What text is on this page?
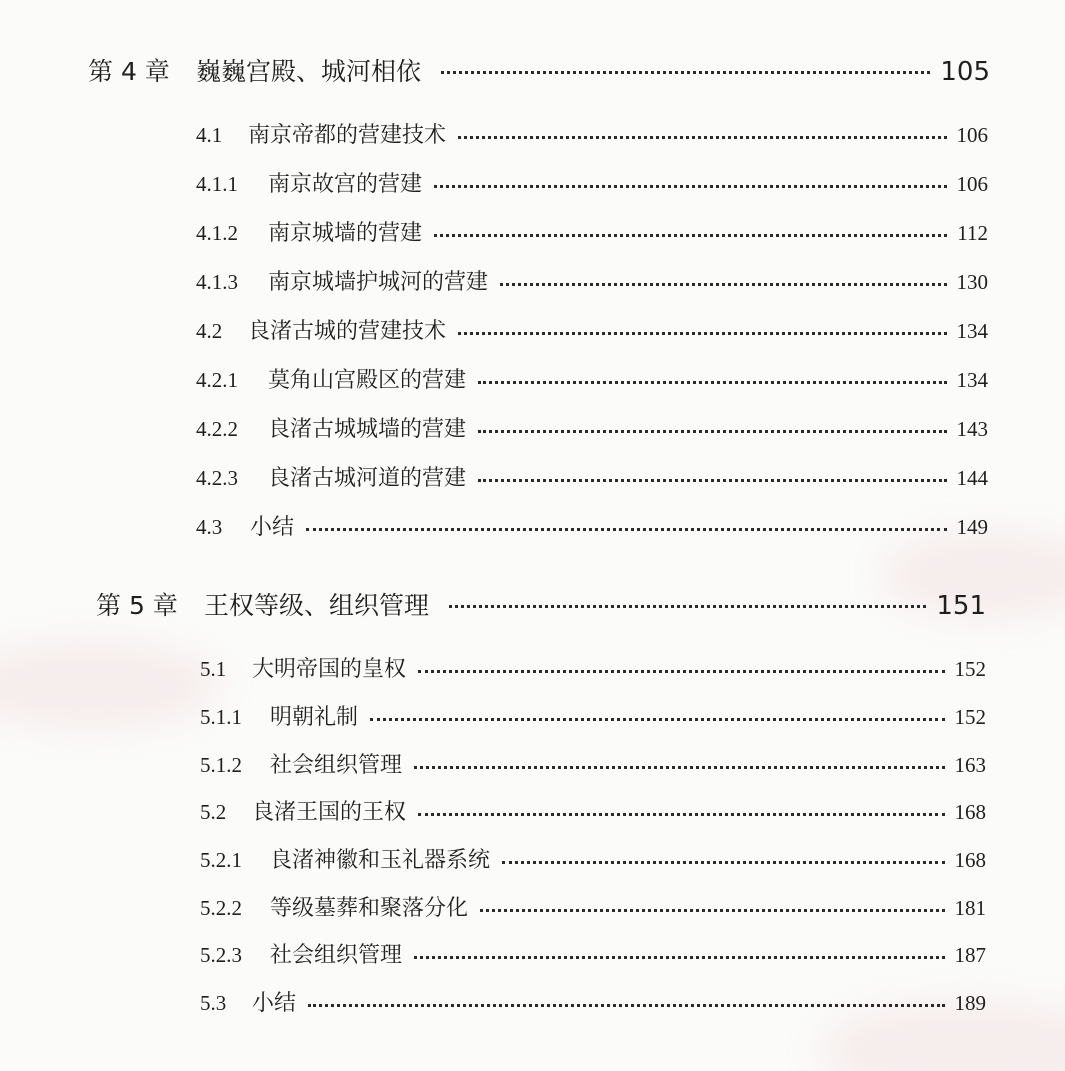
第 4 章	巍巍宫殿、城河相依	105
4.1	南京帝都的营建技术	106
4.1.1	南京故宫的营建	106
4.1.2	南京城墙的营建	112
4.1.3	南京城墙护城河的营建	130
4.2	良渚古城的营建技术	134
4.2.1	莫角山宫殿区的营建	134
4.2.2	良渚古城城墙的营建	143
4.2.3	良渚古城河道的营建	144
4.3	小结	149
第 5 章	王权等级、组织管理	151
5.1	大明帝国的皇权	152
5.1.1	明朝礼制	152
5.1.2	社会组织管理	163
5.2	良渚王国的王权	168
5.2.1	良渚神徽和玉礼器系统	168
5.2.2	等级墓葬和聚落分化	181
5.2.3	社会组织管理	187
5.3	小结	189
